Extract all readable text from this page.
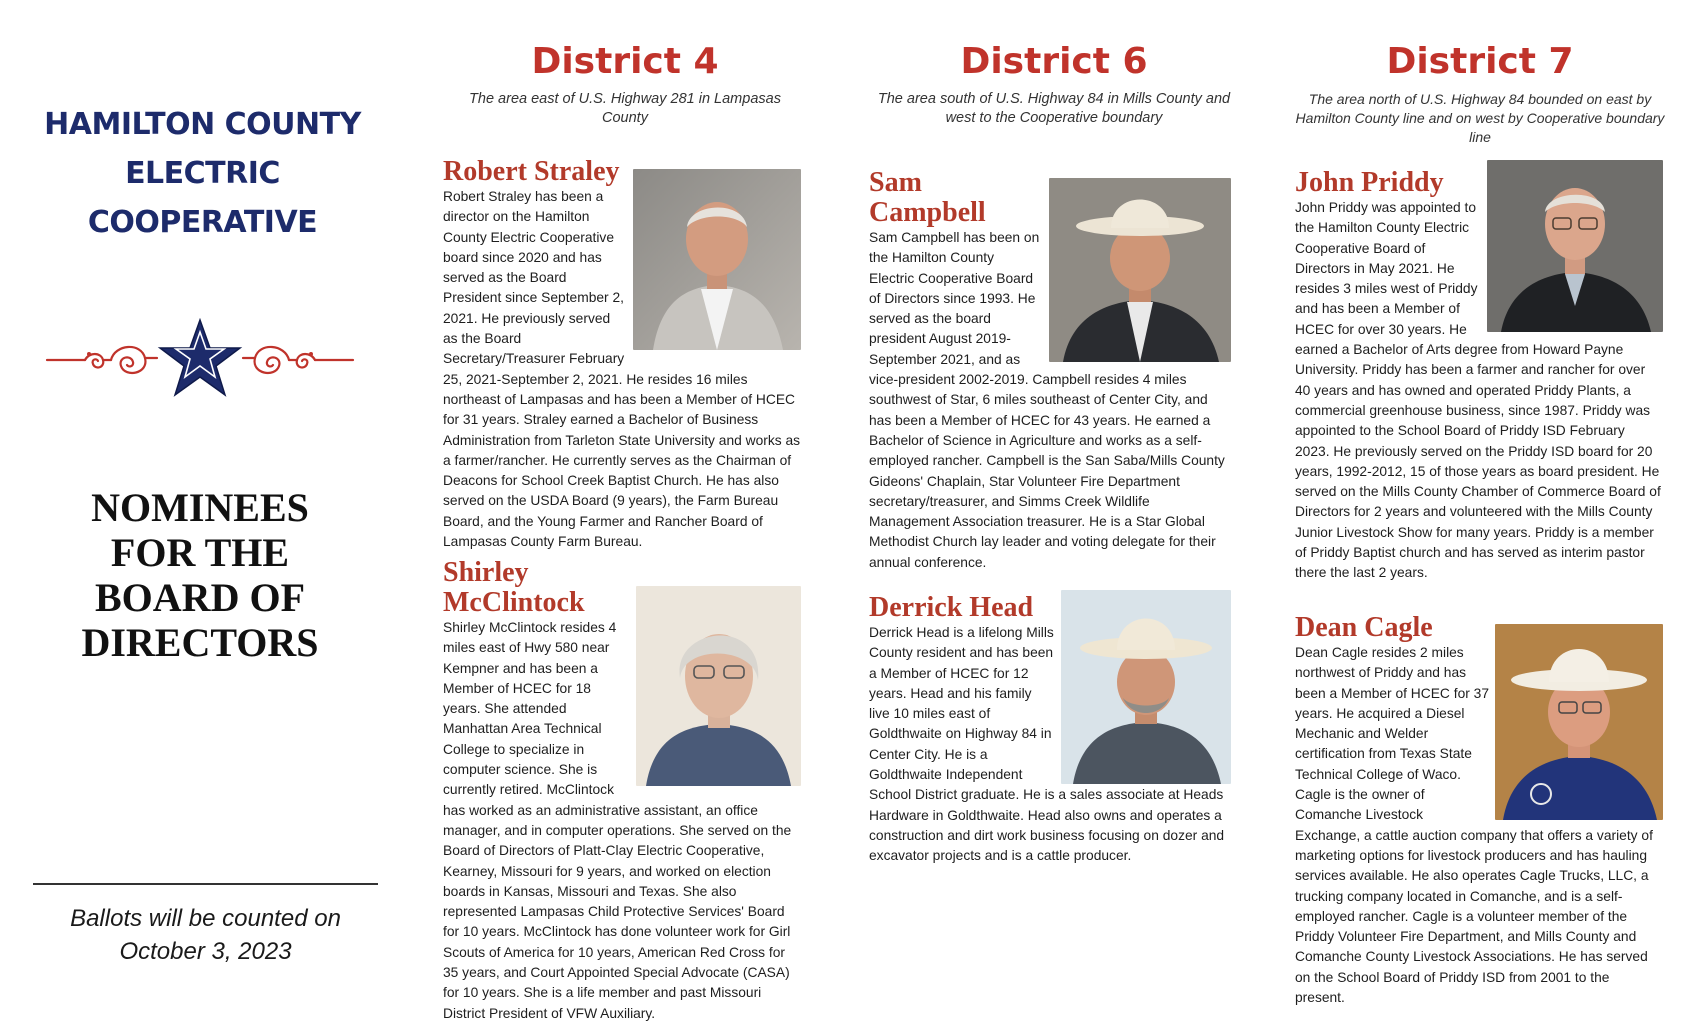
HAMILTON COUNTY
ELECTRIC COOPERATIVE
NOMINEES
FOR THE
BOARD OF
DIRECTORS
Ballots will be counted on
October 3, 2023
District 4
The area east of U.S. Highway 281 in Lampasas County
Robert Straley
Robert Straley has been a director on the Hamilton County Electric Cooperative board since 2020 and has served as the Board President since September 2, 2021. He previously served as the Board Secretary/Treasurer February 25, 2021-September 2, 2021. He resides 16 miles northeast of Lampasas and has been a Member of HCEC for 31 years. Straley earned a Bachelor of Business Administration from Tarleton State University and works as a farmer/rancher. He currently serves as the Chairman of Deacons for School Creek Baptist Church. He has also served on the USDA Board (9 years), the Farm Bureau Board, and the Young Farmer and Rancher Board of Lampasas County Farm Bureau.
Shirley McClintock
Shirley McClintock resides 4 miles east of Hwy 580 near Kempner and has been a Member of HCEC for 18 years. She attended Manhattan Area Technical College to specialize in computer science. She is currently retired. McClintock has worked as an administrative assistant, an office manager, and in computer operations. She served on the Board of Directors of Platt-Clay Electric Cooperative, Kearney, Missouri for 9 years, and worked on election boards in Kansas, Missouri and Texas. She also represented Lampasas Child Protective Services' Board for 10 years. McClintock has done volunteer work for Girl Scouts of America for 10 years, American Red Cross for 35 years, and Court Appointed Special Advocate (CASA) for 10 years. She is a life member and past Missouri District President of VFW Auxiliary.
District 6
The area south of U.S. Highway 84 in Mills County and west to the Cooperative boundary
Sam Campbell
Sam Campbell has been on the Hamilton County Electric Cooperative Board of Directors since 1993. He served as the board president August 2019-September 2021, and as vice-president 2002-2019. Campbell resides 4 miles southwest of Star, 6 miles southeast of Center City, and has been a Member of HCEC for 43 years. He earned a Bachelor of Science in Agriculture and works as a self-employed rancher. Campbell is the San Saba/Mills County Gideons' Chaplain, Star Volunteer Fire Department secretary/treasurer, and Simms Creek Wildlife Management Association treasurer. He is a Star Global Methodist Church lay leader and voting delegate for their annual conference.
Derrick Head
Derrick Head is a lifelong Mills County resident and has been a Member of HCEC for 12 years. Head and his family live 10 miles east of Goldthwaite on Highway 84 in Center City. He is a Goldthwaite Independent School District graduate. He is a sales associate at Heads Hardware in Goldthwaite. Head also owns and operates a construction and dirt work business focusing on dozer and excavator projects and is a cattle producer.
District 7
The area north of U.S. Highway 84 bounded on east by Hamilton County line and on west by Cooperative boundary line
John Priddy
John Priddy was appointed to the Hamilton County Electric Cooperative Board of Directors in May 2021. He resides 3 miles west of Priddy and has been a Member of HCEC for over 30 years. He earned a Bachelor of Arts degree from Howard Payne University. Priddy has been a farmer and rancher for over 40 years and has owned and operated Priddy Plants, a commercial greenhouse business, since 1987. Priddy was appointed to the School Board of Priddy ISD February 2023. He previously served on the Priddy ISD board for 20 years, 1992-2012, 15 of those years as board president. He served on the Mills County Chamber of Commerce Board of Directors for 2 years and volunteered with the Mills County Junior Livestock Show for many years. Priddy is a member of Priddy Baptist church and has served as interim pastor there the last 2 years.
Dean Cagle
Dean Cagle resides 2 miles northwest of Priddy and has been a Member of HCEC for 37 years. He acquired a Diesel Mechanic and Welder certification from Texas State Technical College of Waco. Cagle is the owner of Comanche Livestock Exchange, a cattle auction company that offers a variety of marketing options for livestock producers and has hauling services available. He also operates Cagle Trucks, LLC, a trucking company located in Comanche, and is a self-employed rancher. Cagle is a volunteer member of the Priddy Volunteer Fire Department, and Mills County and Comanche County Livestock Associations. He has served on the School Board of Priddy ISD from 2001 to the present.
